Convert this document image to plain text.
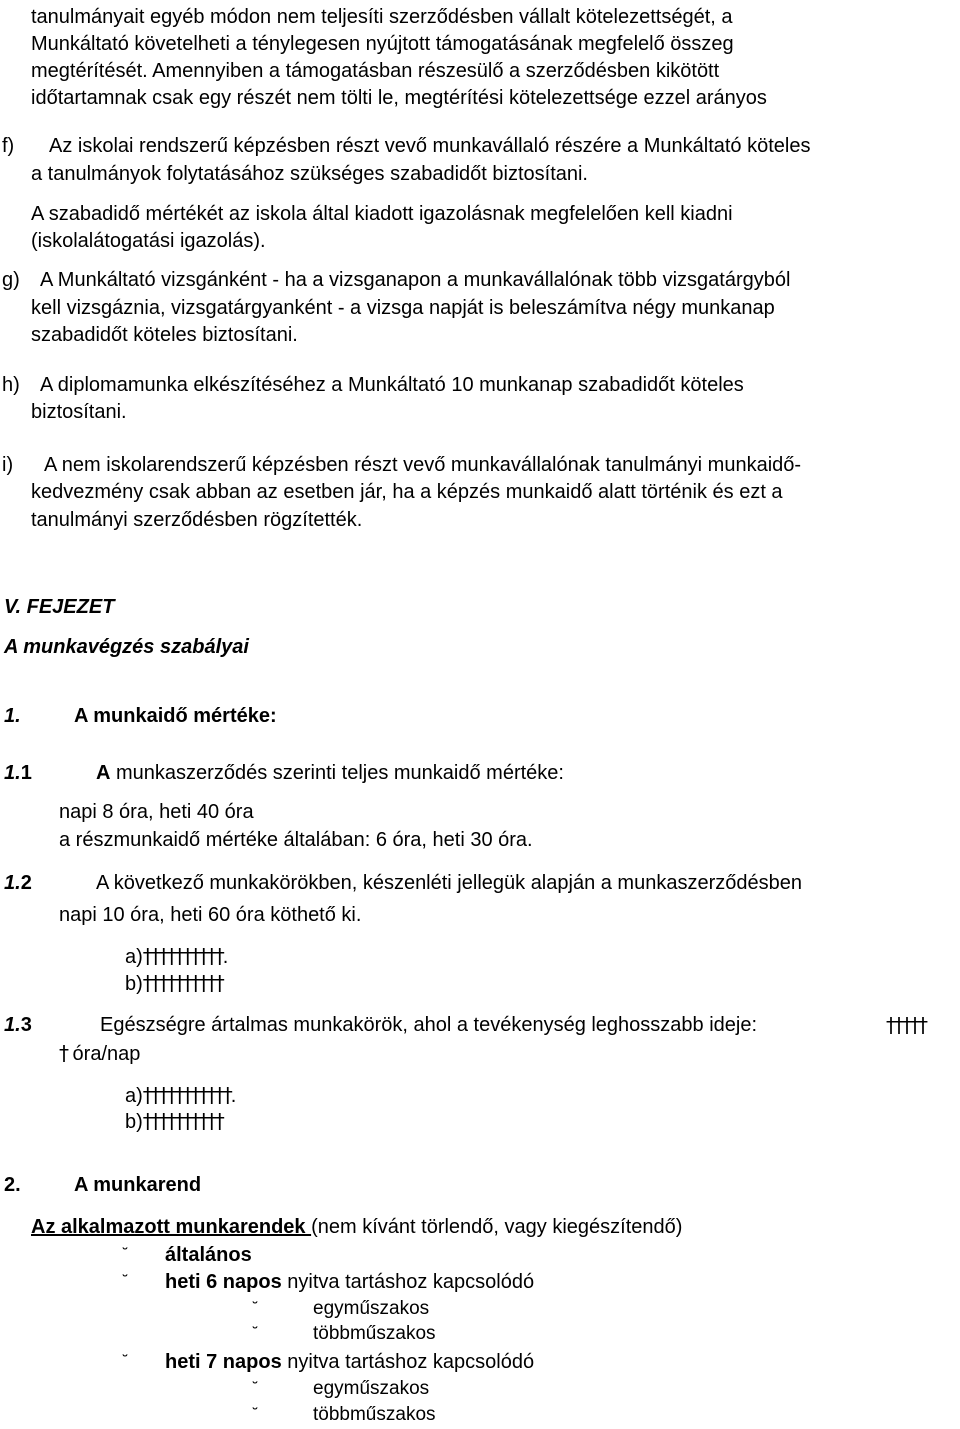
tanulmányait egyéb módon nem teljesíti szerződésben vállalt kötelezettségét, a
Munkáltató követelheti a ténylegesen nyújtott támogatásának megfelelő összeg
megtérítését. Amennyiben a támogatásban részesülő a szerződésben kikötött
időtartamnak csak egy részét nem tölti le, megtérítési kötelezettsége ezzel arányos
f) Az iskolai rendszerű képzésben részt vevő munkavállaló részére a Munkáltató köteles
a tanulmányok folytatásához szükséges szabadidőt biztosítani.
A szabadidő mértékét az iskola által kiadott igazolásnak megfelelően kell kiadni
(iskolalátogatási igazolás).
g) A Munkáltató vizsgánként - ha a vizsganapon a munkavállalónak több vizsgatárgyból
kell vizsgáznia, vizsgatárgyanként - a vizsga napját is beleszámítva négy munkanap
szabadidőt köteles biztosítani.
h) A diplomamunka elkészítéséhez a Munkáltató 10 munkanap szabadidőt köteles
biztosítani.
i) A nem iskolarendszerű képzésben részt vevő munkavállalónak tanulmányi munkaidő-
kedvezmény csak abban az esetben jár, ha a képzés munkaidő alatt történik és ezt a
tanulmányi szerződésben rögzítették.
V. FEJEZET
A munkavégzés szabályai
1.	A munkaidő mértéke:
1.1	A munkaszerződés szerinti teljes munkaidő mértéke:
napi 8 óra, heti 40 óra
a részmunkaidő mértéke általában: 6 óra, heti 30 óra.
1.2	A következő munkakörökben, készenléti jellegük alapján a munkaszerződésben
napi 10 óra, heti 60 óra köthető ki.
a)††††††††††.
b)††††††††††
1.3	Egészségre ártalmas munkakörök, ahol a tevékenység leghosszabb ideje:	†††††
† óra/nap
a)†††††††††††.
b)††††††††††
2.	A munkarend
Az alkalmazott munkarendek (nem kívánt törlendő, vagy kiegészítendő)
˘ általános
˘ heti 6 napos nyitva tartáshoz kapcsolódó
˘	egyműszakos
˘	többműszakos
˘ heti 7 napos nyitva tartáshoz kapcsolódó
˘	egyműszakos
˘	többműszakos
